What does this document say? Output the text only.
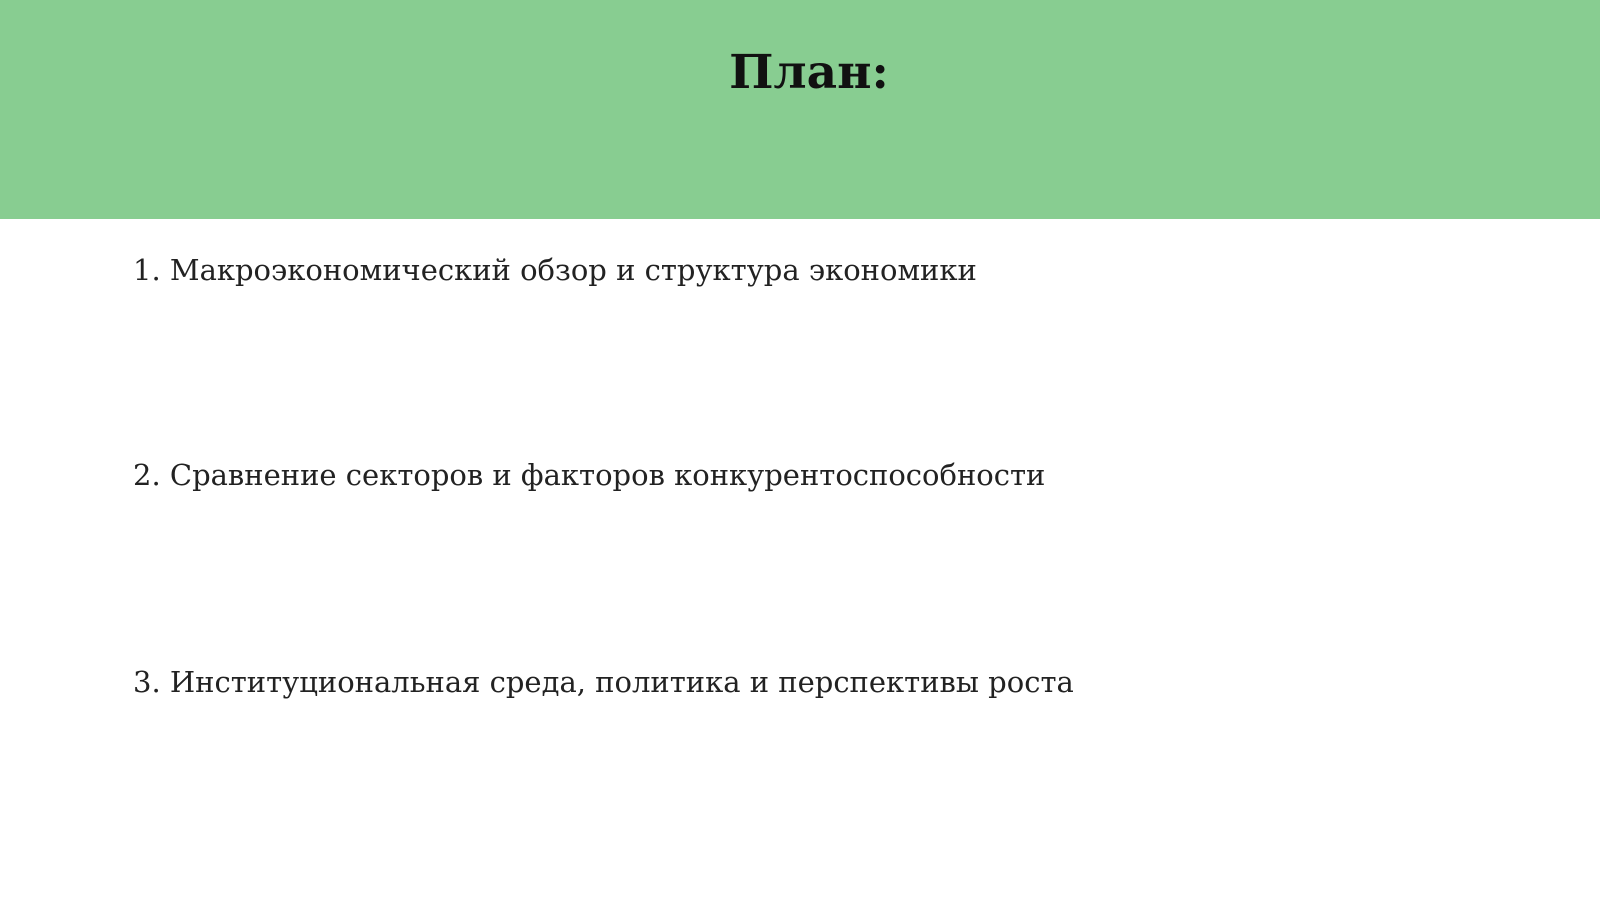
План:
1. Макроэкономический обзор и структура экономики
2. Сравнение секторов и факторов конкурентоспособности
3. Институциональная среда, политика и перспективы роста
